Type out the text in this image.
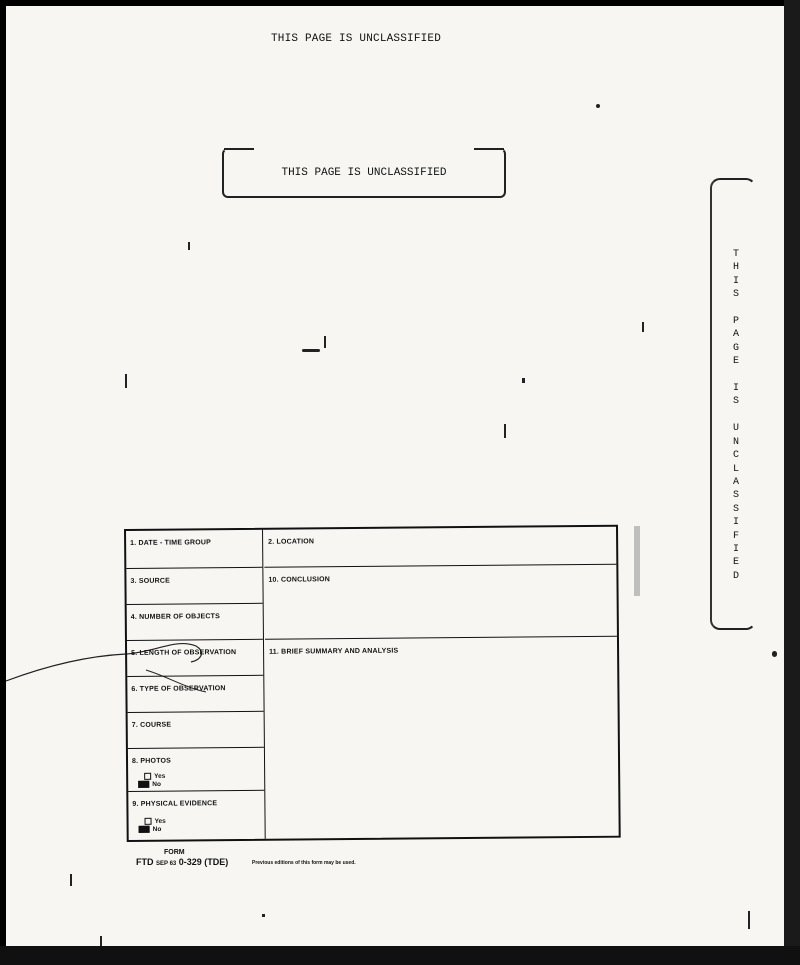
THIS PAGE IS UNCLASSIFIED
THIS PAGE IS UNCLASSIFIED
T
H
I
S

P
A
G
E

I
S

U
N
C
L
A
S
S
I
F
I
E
D
1. DATE - TIME GROUP
3. SOURCE
4. NUMBER OF OBJECTS
5. LENGTH OF OBSERVATION
6. TYPE OF OBSERVATION
7. COURSE
8. PHOTOS
Yes
No
9. PHYSICAL EVIDENCE
Yes
No
2. LOCATION
10. CONCLUSION
11. BRIEF SUMMARY AND ANALYSIS
FORM
FTD SEP 63 0-329 (TDE)	Previous editions of this form may be used.
